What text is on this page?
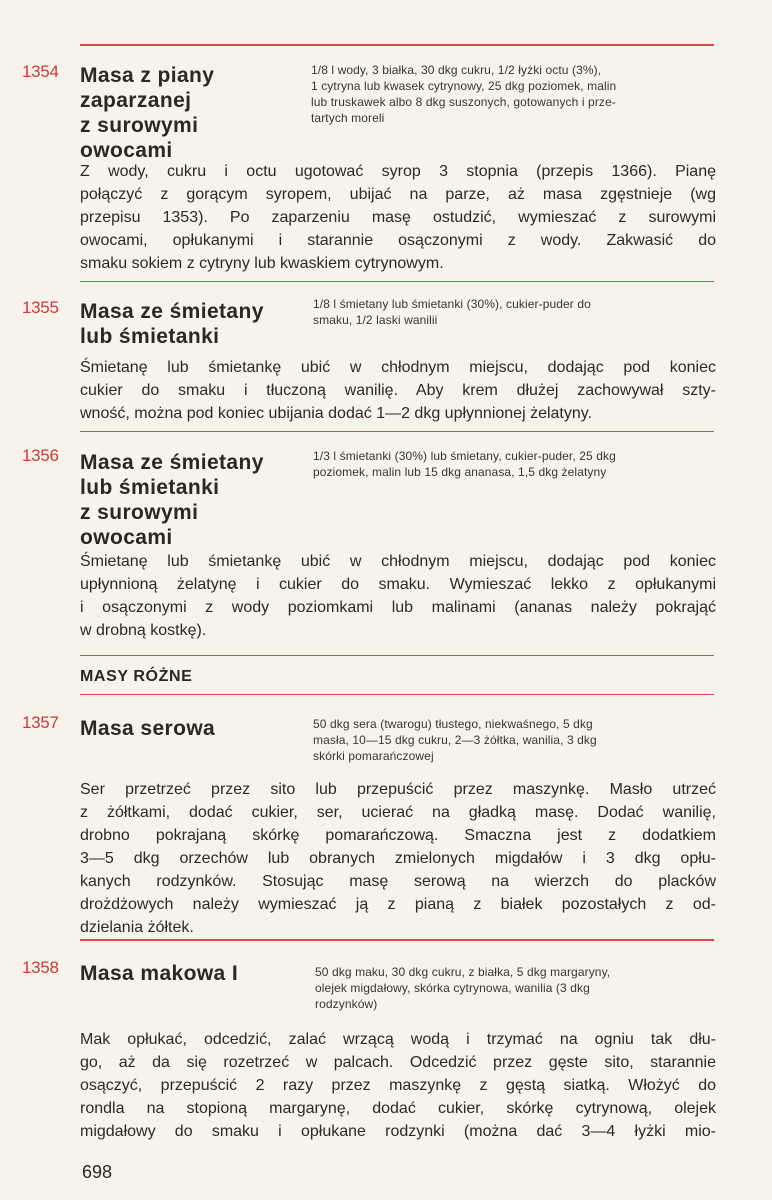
1354 Masa z piany
zaparzanej
z surowymi
owocami
1/8 l wody, 3 białka, 30 dkg cukru, 1/2 łyżki octu (3%),
1 cytryna lub kwasek cytrynowy, 25 dkg poziomek, malin
lub truskawek albo 8 dkg suszonych, gotowanych i prze-
tartych moreli
Z wody, cukru i octu ugotować syrop 3 stopnia (przepis 1366). Pianę
połączyć z gorącym syropem, ubijać na parze, aż masa zgęstnieje (wg
przepisu 1353). Po zaparzeniu masę ostudzić, wymieszać z surowymi
owocami, opłukanymi i starannie osączonymi z wody. Zakwasić do
smaku sokiem z cytryny lub kwaskiem cytrynowym.
1355 Masa ze śmietany
lub śmietanki
1/8 l śmietany lub śmietanki (30%), cukier-puder do
smaku, 1/2 laski wanilii
Śmietanę lub śmietankę ubić w chłodnym miejscu, dodając pod koniec
cukier do smaku i tłuczoną wanilię. Aby krem dłużej zachowywał szty-
wność, można pod koniec ubijania dodać 1—2 dkg upłynnionej żelatyny.
1356 Masa ze śmietany
lub śmietanki
z surowymi
owocami
1/3 l śmietanki (30%) lub śmietany, cukier-puder, 25 dkg
poziomek, malin lub 15 dkg ananasa, 1,5 dkg żelatyny
Śmietanę lub śmietankę ubić w chłodnym miejscu, dodając pod koniec
upłynnioną żelatynę i cukier do smaku. Wymieszać lekko z opłukanymi
i osączonymi z wody poziomkami lub malinami (ananas należy pokrająć
w drobną kostkę).
MASY RÓŻNE
1357 Masa serowa	50 dkg sera (twarogu) tłustego, niekwaśnego, 5 dkg
masła, 10—15 dkg cukru, 2—3 żółtka, wanilia, 3 dkg
skórki pomarańczowej
Ser przetrzeć przez sito lub przepuścić przez maszynkę. Masło utrzeć
z żółtkami, dodać cukier, ser, ucierać na gładką masę. Dodać wanilię,
drobno pokrajaną skórkę pomarańczową. Smaczna jest z dodatkiem
3—5 dkg orzechów lub obranych zmielonych migdałów i 3 dkg opłu-
kanych rodzynków. Stosując masę serową na wierzch do placków
drożdżowych należy wymieszać ją z pianą z białek pozostałych z od-
dzielania żółtek.
1358 Masa makowa I	50 dkg maku, 30 dkg cukru, z białka, 5 dkg margaryny,
olejek migdałowy, skórka cytrynowa, wanilia (3 dkg
rodzynków)
Mak opłukać, odcedzić, zalać wrzącą wodą i trzymać na ogniu tak dłu-
go, aż da się rozetrzeć w palcach. Odcedzić przez gęste sito, starannie
osączyć, przepuścić 2 razy przez maszynkę z gęstą siatką. Włożyć do
rondla na stopioną margarynę, dodać cukier, skórkę cytrynową, olejek
migdałowy do smaku i opłukane rodzynki (można dać 3—4 łyżki mio-
698
